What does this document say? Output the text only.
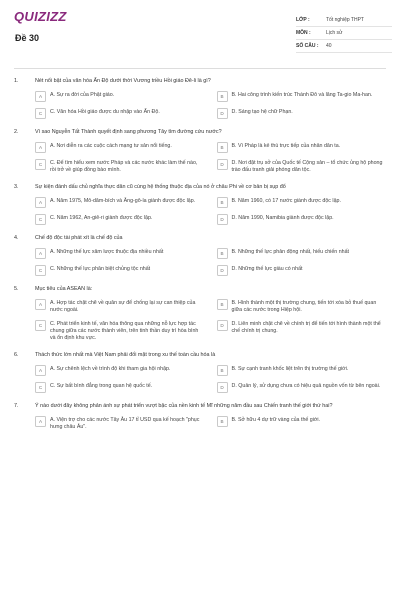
QUIZIZZ
Đề 30
LỚP :	Tốt nghiệp THPT
MÔN :	Lịch sử
SỐ CÂU :	40
1.	Nét nổi bật của văn hóa Ấn Độ dưới thời Vương triều Hồi giáo Đê-li là gì?
A	A. Sự ra đời của Phật giáo.	B	B. Hai công trình kiến trúc Thánh Đô và lăng Ta-gio Ma-han.
C	C. Văn hóa Hồi giáo được du nhập vào Ấn Độ.	D	D. Sáng tạo hệ chữ Phạn.
2.	Vì sao Nguyễn Tất Thành quyết định sang phương Tây tìm đường cứu nước?
A	A. Nơi diễn ra các cuộc cách mạng tư sản nổi tiếng.	B	B. Vì Pháp là kẻ thù trực tiếp của nhân dân ta.
C	C. Để tìm hiểu xem nước Pháp và các nước khác làm thế nào, rồi trở về giúp đồng bào mình.
D	D. Nơi đặt trụ sở của Quốc tế Cộng sản – tổ chức ủng hộ phong trào đấu tranh giải phóng dân tộc.
3.	Sự kiện đánh dấu chủ nghĩa thực dân cũ cùng hệ thống thuộc địa của nó ở châu Phi về cơ bản bị sụp đổ
A	A. Năm 1975, Mô-dăm-bích và Ăng-gô-la giành được độc lập.	B	B. Năm 1960, có 17 nước giành được độc lập.
C	C. Năm 1962, An-giê-ri giành được độc lập.	D	D. Năm 1990, Namibia giành được độc lập.
4.	Chế độ độc tài phát xít là chế độ của
A	A. Những thế lực xâm lược thuộc địa nhiều nhất	B	B. Những thế lực phản động nhất, hiếu chiến nhất
C	C. Những thế lực phân biệt chủng tộc nhất	D	D. Những thế lực giàu có nhất
5.	Mục tiêu của ASEAN là:
A	A. Hợp tác chặt chẽ về quân sự để chống lại sự can thiệp của nước ngoài.
B	B. Hình thành một thị trường chung, tiến tới xóa bỏ thuế quan giữa các nước trong Hiệp hội.
C	C. Phát triển kinh tế, văn hóa thông qua những nỗ lực hợp tác chung giữa các nước thành viên, trên tinh thần duy trì hòa bình và ổn định khu vực.
D	D. Liên minh chặt chẽ về chính trị để tiến tới hình thành một thể chế chính trị chung.
6.	Thách thức lớn nhất mà Việt Nam phải đối mặt trong xu thế toàn cầu hóa là
A	A. Sự chênh lệch về trình độ khi tham gia hội nhập.	B	B. Sự cạnh tranh khốc liệt trên thị trường thế giới.
C	C. Sự bất bình đẳng trong quan hệ quốc tế.	D	D. Quản lý, sử dụng chưa có hiệu quả nguồn vốn từ bên ngoài.
7.	Ý nào dưới đây không phản ánh sự phát triển vượt bậc của nền kinh tế Mĩ những năm đầu sau Chiến tranh thế giới thứ hai?
A	A. Viện trợ cho các nước Tây Âu 17 tỉ USD qua kế hoạch "phục hưng châu Âu".
B	B. Sở hữu 4 dự trữ vàng của thế giới.
